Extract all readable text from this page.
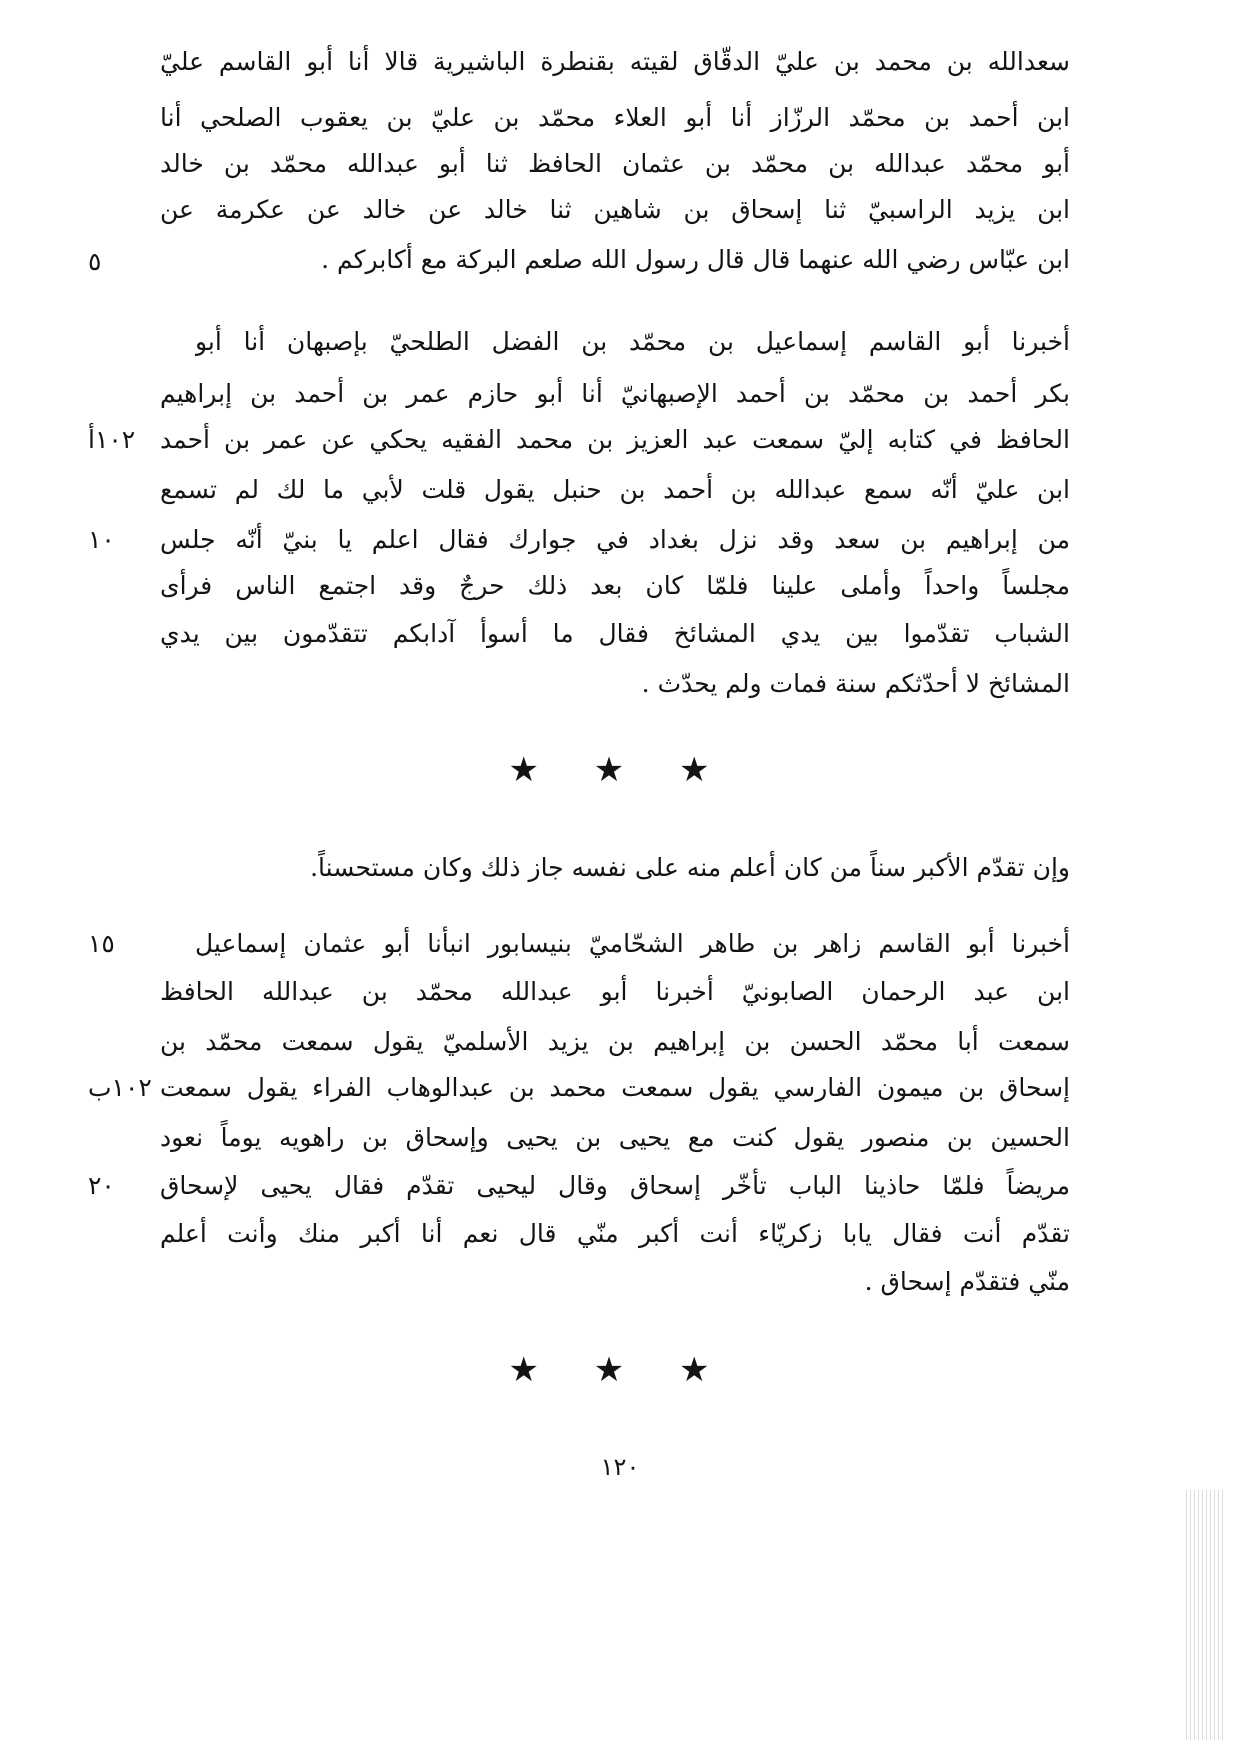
سعدالله بن محمد بن عليّ الدقّاق لقيته بقنطرة الباشيرية قالا أنا أبو القاسم عليّ
ابن أحمد بن محمّد الرزّاز أنا أبو العلاء محمّد بن عليّ بن يعقوب الصلحي أنا
أبو محمّد عبدالله بن محمّد بن عثمان الحافظ ثنا أبو عبدالله محمّد بن خالد
ابن يزيد الراسبيّ ثنا إسحاق بن شاهين ثنا خالد عن خالد عن عكرمة عن
ابن عبّاس رضي الله عنهما قال قال رسول الله صلعم البركة مع أكابركم .
٥
أخبرنا أبو القاسم إسماعيل بن محمّد بن الفضل الطلحيّ بإصبهان أنا أبو
بكر أحمد بن محمّد بن أحمد الإصبهانيّ أنا أبو حازم عمر بن أحمد بن إبراهيم
الحافظ في كتابه إليّ سمعت عبد العزيز بن محمد الفقيه يحكي عن عمر بن أحمد
ابن عليّ أنّه سمع عبدالله بن أحمد بن حنبل يقول قلت لأبي ما لك لم تسمع
من إبراهيم بن سعد وقد نزل بغداد في جوارك فقال اعلم يا بنيّ أنّه جلس
مجلساً واحداً وأملى علينا فلمّا كان بعد ذلك حرجٌ وقد اجتمع الناس فرأى
الشباب تقدّموا بين يدي المشائخ فقال ما أسوأ آدابكم تتقدّمون بين يدي
المشائخ لا أحدّثكم سنة فمات ولم يحدّث .
١٠٢أ
١٠
★ ★ ★
وإن تقدّم الأكبر سناً من كان أعلم منه على نفسه جاز ذلك وكان مستحسناً.
أخبرنا أبو القاسم زاهر بن طاهر الشحّاميّ بنيسابور انبأنا أبو عثمان إسماعيل
ابن عبد الرحمان الصابونيّ أخبرنا أبو عبدالله محمّد بن عبدالله الحافظ
سمعت أبا محمّد الحسن بن إبراهيم بن يزيد الأسلميّ يقول سمعت محمّد بن
إسحاق بن ميمون الفارسي يقول سمعت محمد بن عبدالوهاب الفراء يقول سمعت
الحسين بن منصور يقول كنت مع يحيى بن يحيى وإسحاق بن راهويه يوماً نعود
مريضاً فلمّا حاذينا الباب تأخّر إسحاق وقال ليحيى تقدّم فقال يحيى لإسحاق
تقدّم أنت فقال يابا زكريّاء أنت أكبر منّي قال نعم أنا أكبر منك وأنت أعلم
منّي فتقدّم إسحاق .
١٥
١٠٢ب
٢٠
★ ★ ★
١٢٠
